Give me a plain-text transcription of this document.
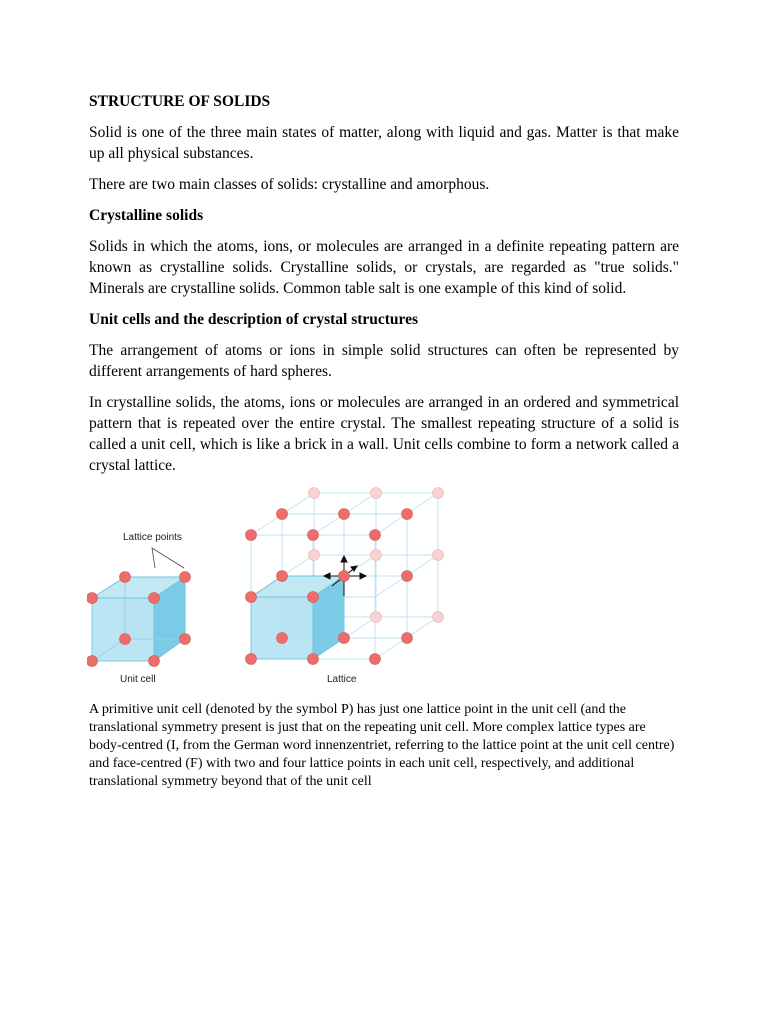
STRUCTURE OF SOLIDS

Solid is one of the three main states of matter, along with liquid and gas. Matter is that make up all physical substances.

There are two main classes of solids: crystalline and amorphous.

Crystalline solids

Solids in which the atoms, ions, or molecules are arranged in a definite repeating pattern are known as crystalline solids. Crystalline solids, or crystals, are regarded as "true solids." Minerals are crystalline solids. Common table salt is one example of this kind of solid.

Unit cells and the description of crystal structures

The arrangement of atoms or ions in simple solid structures can often be represented by different arrangements of hard spheres.

In crystalline solids, the atoms, ions or molecules are arranged in an ordered and symmetrical pattern that is repeated over the entire crystal. The smallest repeating structure of a solid is called a unit cell, which is like a brick in a wall. Unit cells combine to form a network called a crystal lattice.

Lattice points
Unit cell	Lattice

A primitive unit cell (denoted by the symbol P) has just one lattice point in the unit cell (and the translational symmetry present is just that on the repeating unit cell. More complex lattice types are body-centred (I, from the German word innenzentriet, referring to the lattice point at the unit cell centre) and face-centred (F) with two and four lattice points in each unit cell, respectively, and additional translational symmetry beyond that of the unit cell
